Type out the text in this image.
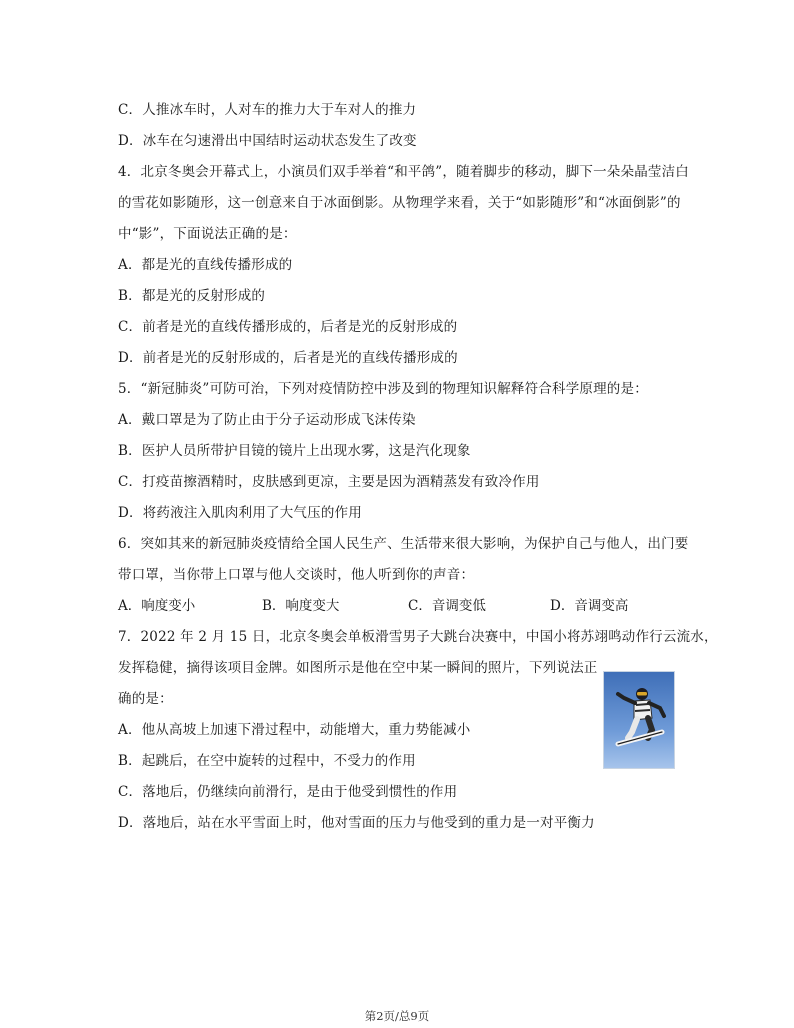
C．人推冰车时，人对车的推力大于车对人的推力
D．冰车在匀速滑出中国结时运动状态发生了改变
4．北京冬奥会开幕式上，小演员们双手举着“和平鸽”，随着脚步的移动，脚下一朵朵晶莹洁白
的雪花如影随形，这一创意来自于冰面倒影。从物理学来看，关于“如影随形”和“冰面倒影”的
中“影”，下面说法正确的是：
A．都是光的直线传播形成的
B．都是光的反射形成的
C．前者是光的直线传播形成的，后者是光的反射形成的
D．前者是光的反射形成的，后者是光的直线传播形成的
5．“新冠肺炎”可防可治，下列对疫情防控中涉及到的物理知识解释符合科学原理的是：
A．戴口罩是为了防止由于分子运动形成飞沫传染
B．医护人员所带护目镜的镜片上出现水雾，这是汽化现象
C．打疫苗擦酒精时，皮肤感到更凉，主要是因为酒精蒸发有致冷作用
D．将药液注入肌肉利用了大气压的作用
6．突如其来的新冠肺炎疫情给全国人民生产、生活带来很大影响，为保护自己与他人，出门要
带口罩，当你带上口罩与他人交谈时，他人听到你的声音：
A．响度变小	B．响度变大	C．音调变低	D．音调变高
7．2022 年 2 月 15 日，北京冬奥会单板滑雪男子大跳台决赛中，中国小将苏翊鸣动作行云流水，
发挥稳健，摘得该项目金牌。如图所示是他在空中某一瞬间的照片，下列说法正
确的是：
A．他从高坡上加速下滑过程中，动能增大，重力势能减小
B．起跳后，在空中旋转的过程中，不受力的作用
C．落地后，仍继续向前滑行，是由于他受到惯性的作用
D．落地后，站在水平雪面上时，他对雪面的压力与他受到的重力是一对平衡力
第2页/总9页
